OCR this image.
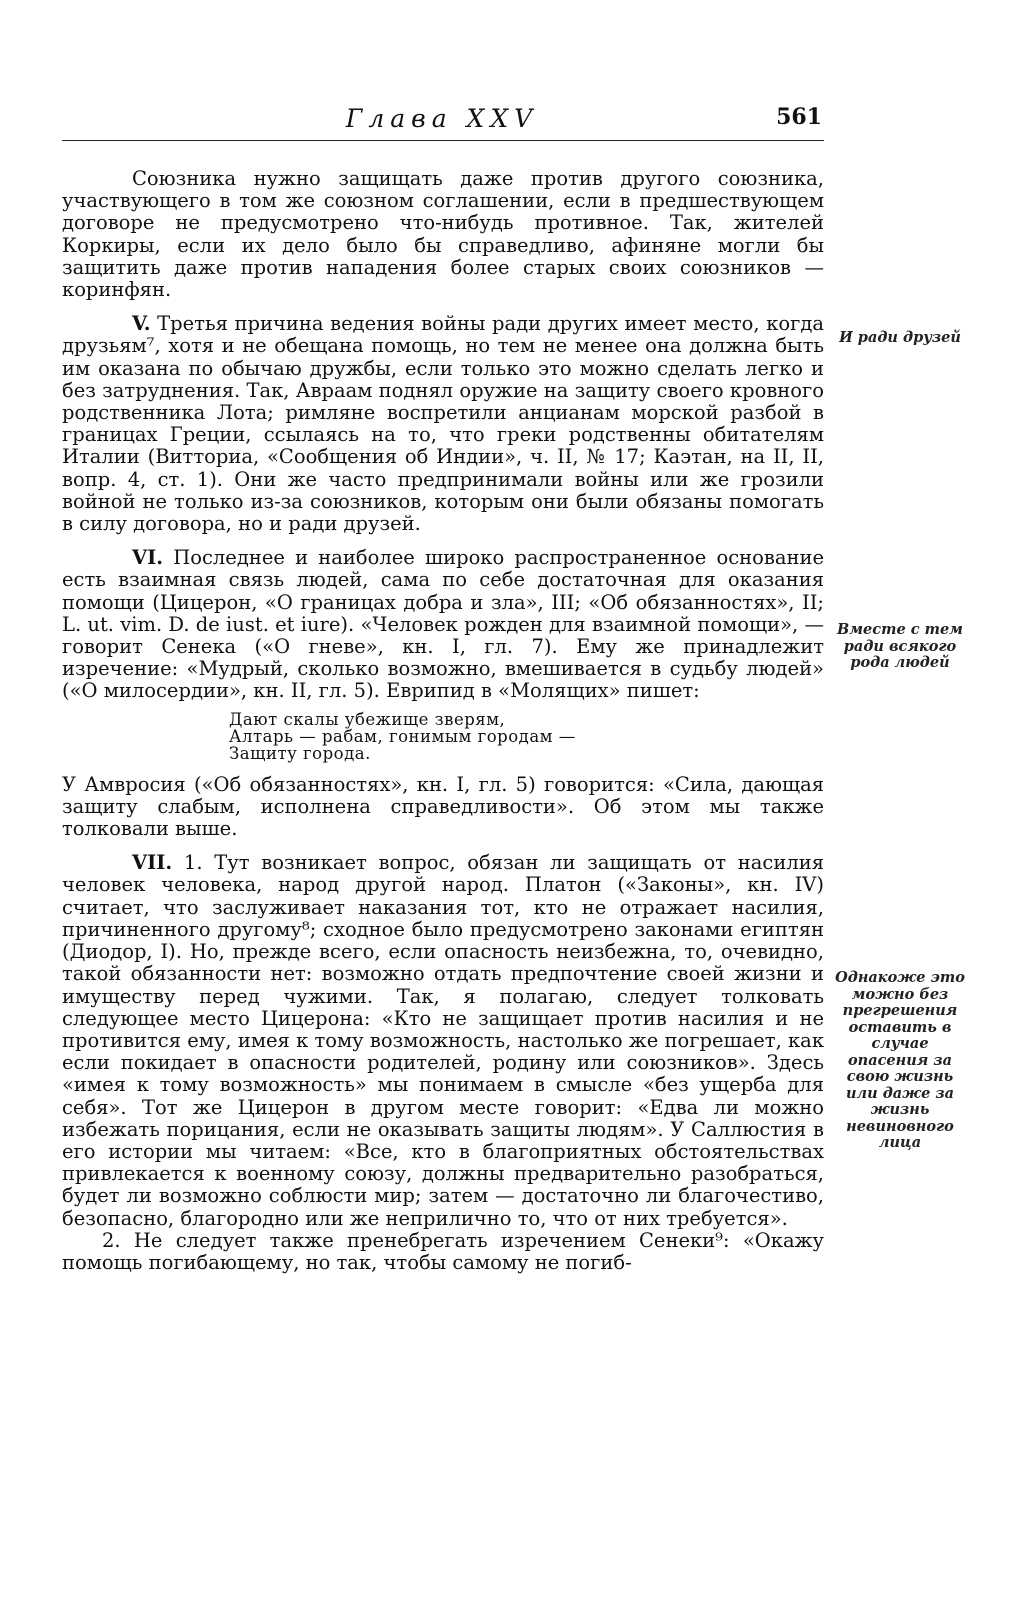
Глава XXV	561

Союзника нужно защищать даже против другого союзника, участвующего в том же союзном соглашении, если в предшествующем договоре не предусмотрено что-нибудь противное. Так, жителей Коркиры, если их дело было бы справедливо, афиняне могли бы защитить даже против нападения более старых своих союзников — коринфян.

V. Третья причина ведения войны ради других имеет место, когда друзьям⁷, хотя и не обещана помощь, но тем не менее она должна быть им оказана по обычаю дружбы, если только это можно сделать легко и без затруднения. Так, Авраам поднял оружие на защиту своего кровного родственника Лота; римляне воспретили анцианам морской разбой в границах Греции, ссылаясь на то, что греки родственны обитателям Италии (Витториа, «Сообщения об Индии», ч. II, № 17; Каэтан, на II, II, вопр. 4, ст. 1). Они же часто предпринимали войны или же грозили войной не только из-за союзников, которым они были обязаны помогать в силу договора, но и ради друзей.

VI. Последнее и наиболее широко распространенное основание есть взаимная связь людей, сама по себе достаточная для оказания помощи (Цицерон, «О границах добра и зла», III; «Об обязанностях», II; L. ut. vim. D. de iust. et iure). «Человек рожден для взаимной помощи», — говорит Сенека («О гневе», кн. I, гл. 7). Ему же принадлежит изречение: «Мудрый, сколько возможно, вмешивается в судьбу людей» («О милосердии», кн. II, гл. 5). Еврипид в «Молящих» пишет:

Дают скалы убежище зверям,
Алтарь — рабам, гонимым городам —
Защиту города.

У Амвросия («Об обязанностях», кн. I, гл. 5) говорится: «Сила, дающая защиту слабым, исполнена справедливости». Об этом мы также толковали выше.

VII. 1. Тут возникает вопрос, обязан ли защищать от насилия человек человека, народ другой народ. Платон («Законы», кн. IV) считает, что заслуживает наказания тот, кто не отражает насилия, причиненного другому⁸; сходное было предусмотрено законами египтян (Диодор, I). Но, прежде всего, если опасность неизбежна, то, очевидно, такой обязанности нет: возможно отдать предпочтение своей жизни и имуществу перед чужими. Так, я полагаю, следует толковать следующее место Цицерона: «Кто не защищает против насилия и не противится ему, имея к тому возможность, настолько же погрешает, как если покидает в опасности родителей, родину или союзников». Здесь «имея к тому возможность» мы понимаем в смысле «без ущерба для себя». Тот же Цицерон в другом месте говорит: «Едва ли можно избежать порицания, если не оказывать защиты людям». У Саллюстия в его истории мы читаем: «Все, кто в благоприятных обстоятельствах привлекается к военному союзу, должны предварительно разобраться, будет ли возможно соблюсти мир; затем — достаточно ли благочестиво, безопасно, благородно или же неприлично то, что от них требуется».

2. Не следует также пренебрегать изречением Сенеки⁹: «Окажу помощь погибающему, но так, чтобы самому не погиб-

И ради друзей
Вместе с тем ради всякого рода людей
Однакоже это можно без прегрешения оставить в случае опасения за свою жизнь или даже за жизнь невиновного лица
